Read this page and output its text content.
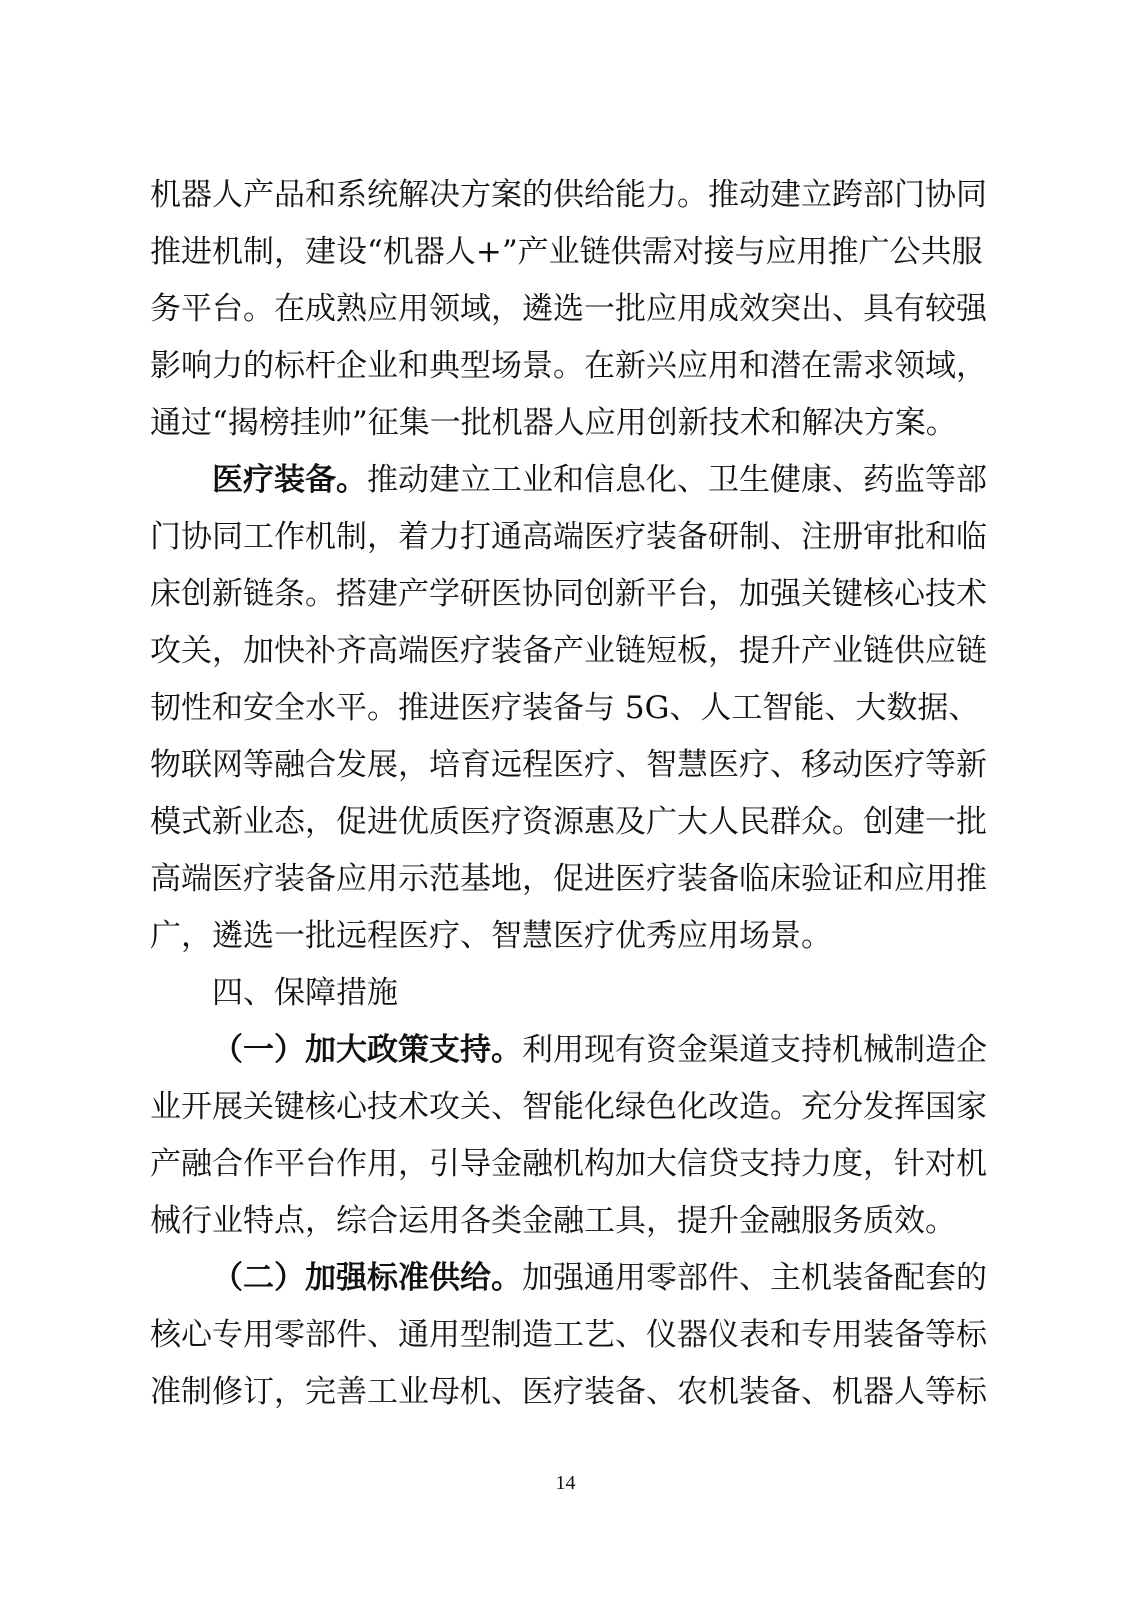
机器人产品和系统解决方案的供给能力。推动建立跨部门协同
推进机制，建设“机器人+”产业链供需对接与应用推广公共服
务平台。在成熟应用领域，遴选一批应用成效突出、具有较强
影响力的标杆企业和典型场景。在新兴应用和潜在需求领域，
通过“揭榜挂帅”征集一批机器人应用创新技术和解决方案。
医疗装备。推动建立工业和信息化、卫生健康、药监等部
门协同工作机制，着力打通高端医疗装备研制、注册审批和临
床创新链条。搭建产学研医协同创新平台，加强关键核心技术
攻关，加快补齐高端医疗装备产业链短板，提升产业链供应链
韧性和安全水平。推进医疗装备与 5G、人工智能、大数据、
物联网等融合发展，培育远程医疗、智慧医疗、移动医疗等新
模式新业态，促进优质医疗资源惠及广大人民群众。创建一批
高端医疗装备应用示范基地，促进医疗装备临床验证和应用推
广，遴选一批远程医疗、智慧医疗优秀应用场景。
四、保障措施
（一）加大政策支持。利用现有资金渠道支持机械制造企
业开展关键核心技术攻关、智能化绿色化改造。充分发挥国家
产融合作平台作用，引导金融机构加大信贷支持力度，针对机
械行业特点，综合运用各类金融工具，提升金融服务质效。
（二）加强标准供给。加强通用零部件、主机装备配套的
核心专用零部件、通用型制造工艺、仪器仪表和专用装备等标
准制修订，完善工业母机、医疗装备、农机装备、机器人等标
14
